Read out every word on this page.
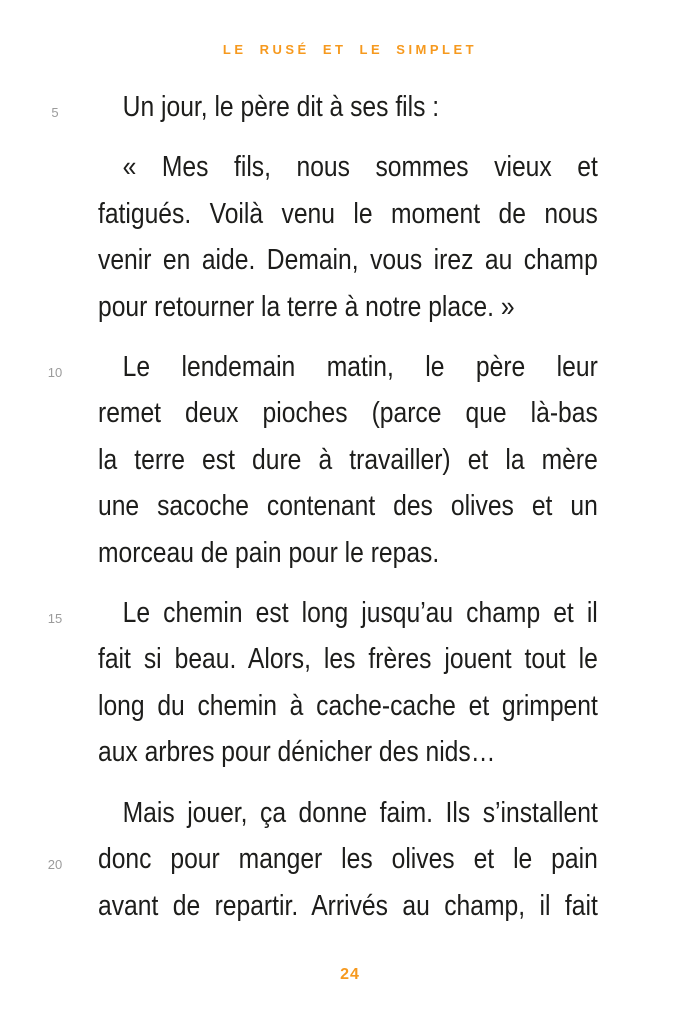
LE RUSÉ ET LE SIMPLET
5
10
15
20
Un jour, le père dit à ses fils :
« Mes fils, nous sommes vieux et
fatigués. Voilà venu le moment de nous
venir en aide. Demain, vous irez au champ
pour retourner la terre à notre place. »
Le lendemain matin, le père leur
remet deux pioches (parce que là-bas
la terre est dure à travailler) et la mère
une sacoche contenant des olives et un
morceau de pain pour le repas.
Le chemin est long jusqu’au champ et il
fait si beau. Alors, les frères jouent tout le
long du chemin à cache-cache et grimpent
aux arbres pour dénicher des nids…
Mais jouer, ça donne faim. Ils s’installent
donc pour manger les olives et le pain
avant de repartir. Arrivés au champ, il fait
24
